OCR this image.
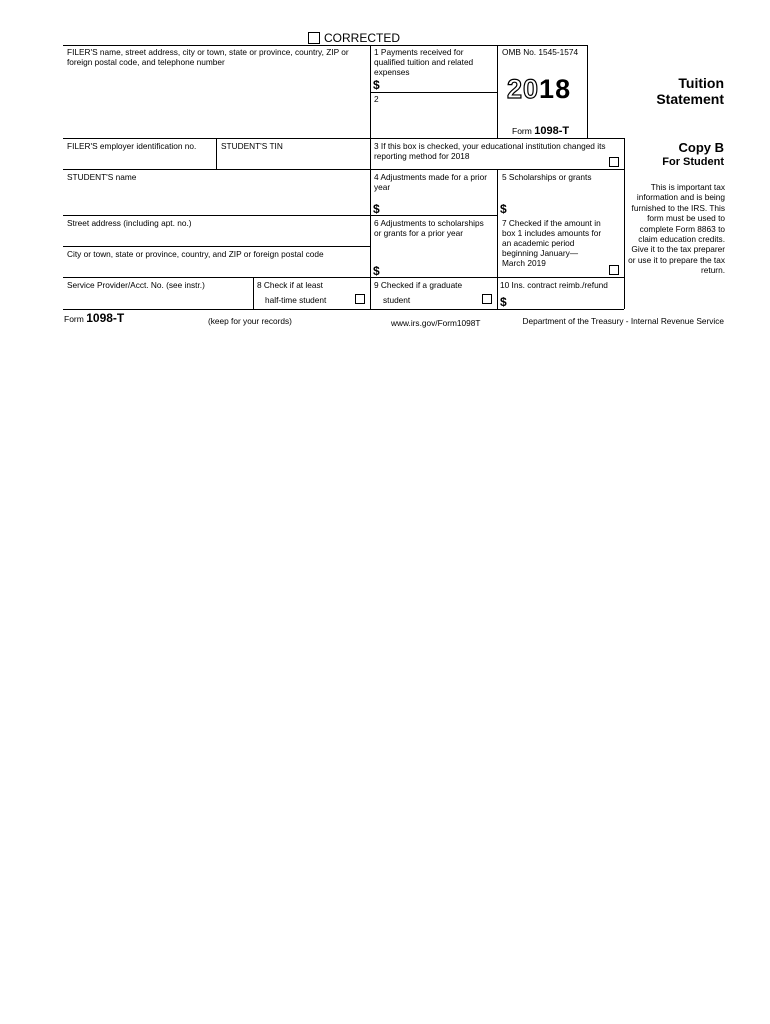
CORRECTED
FILER'S name, street address, city or town, state or province, country, ZIP or foreign postal code, and telephone number
1 Payments received for qualified tuition and related expenses
$
2
OMB No. 1545-1574
2018
Form 1098-T
Tuition
Statement
FILER'S employer identification no.	STUDENT'S TIN	3 If this box is checked, your educational institution changed its reporting method for 2018
Copy B
For Student
This is important tax information and is being furnished to the IRS. This form must be used to complete Form 8863 to claim education credits. Give it to the tax preparer or use it to prepare the tax return.
STUDENT'S name	4 Adjustments made for a prior year
$
5 Scholarships or grants
$
Street address (including apt. no.)
City or town, state or province, country, and ZIP or foreign postal code
6 Adjustments to scholarships or grants for a prior year
$
7 Checked if the amount in box 1 includes amounts for an academic period beginning January— March 2019
Service Provider/Acct. No. (see instr.)	8 Check if at least
half-time student
9 Checked if a graduate
student
10 Ins. contract reimb./refund
$
Form 1098-T	(keep for your records)	www.irs.gov/Form1098T	Department of the Treasury - Internal Revenue Service
